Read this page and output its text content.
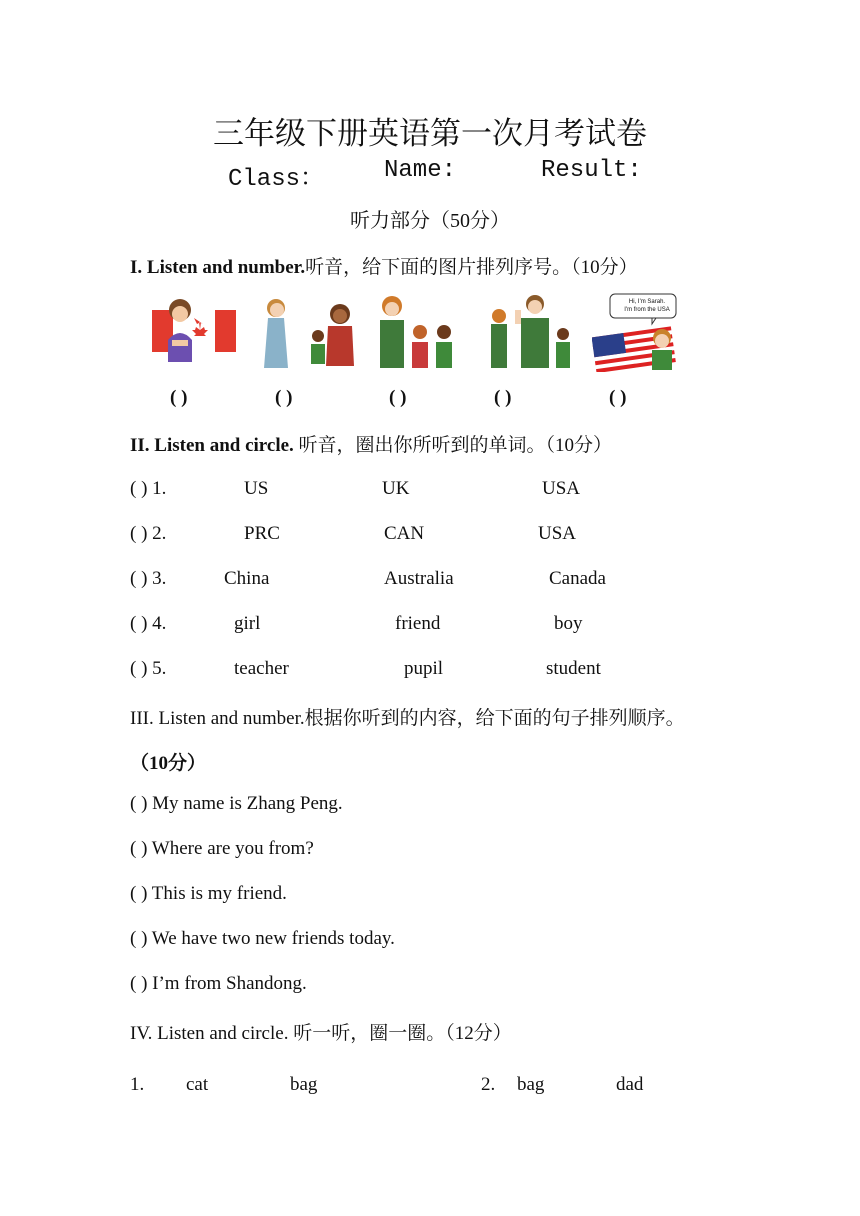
三年级下册英语第一次月考试卷
Class： Name:	Result:
听力部分（50分）
I. Listen and number.听音，给下面的图片排列序号。（10分）
Hi, I'm Sarah.
I'm from the USA
( )	( )	( )	( )	( )
II. Listen and circle. 听音，圈出你所听到的单词。（10分）
( ) 1.	US	UK	USA
( ) 2.	PRC	CAN	USA
( ) 3.	China	Australia	Canada
( ) 4.	girl	friend	boy
( ) 5.	teacher	pupil	student
III. Listen and number.根据你听到的内容，给下面的句子排列顺序。
（10分）
( ) My name is Zhang Peng.
( ) Where are you from?
( ) This is my friend.
( ) We have two new friends today.
( ) I’m from Shandong.
IV. Listen and circle. 听一听，圈一圈。（12分）
1. cat	bag	2. bag	dad
